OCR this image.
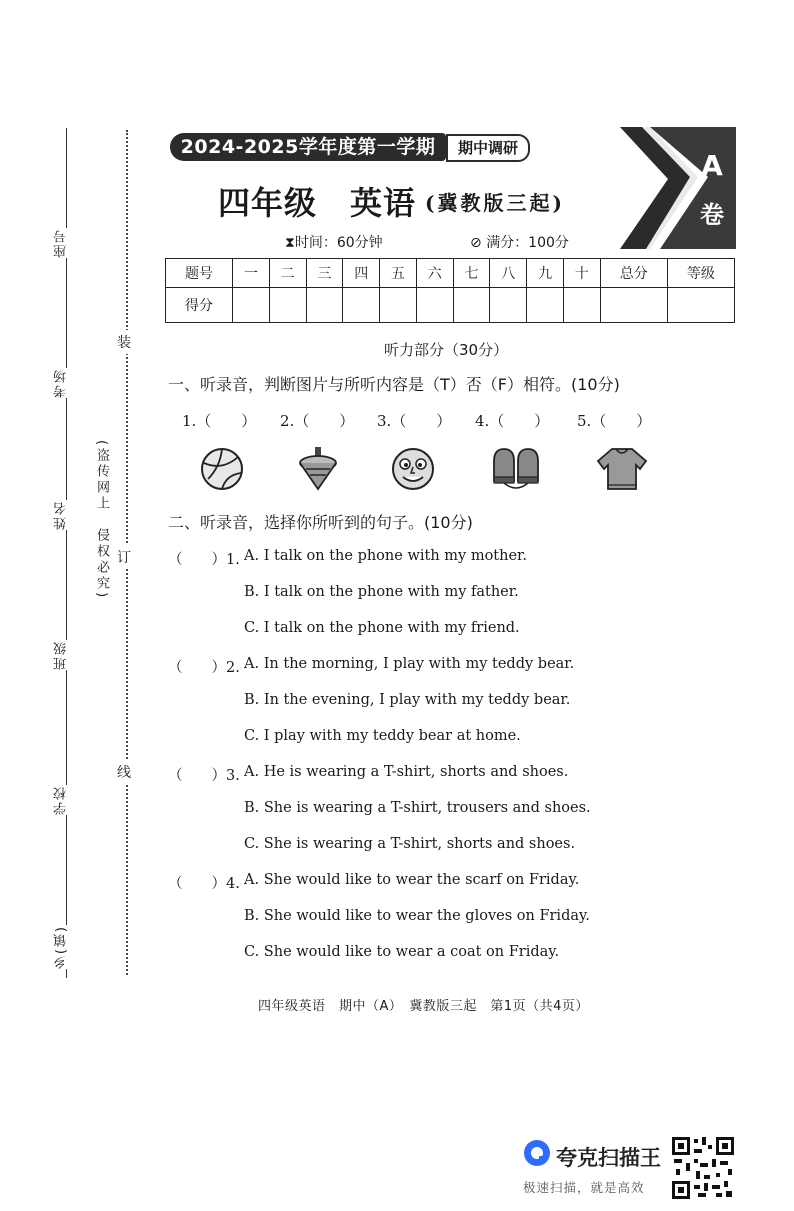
座号
考场
姓名
班级
学校
乡(镇)
装
订
线
(盗传网上　侵权必究)
2024-2025学年度第一学期	期中调研
四年级　英语 (冀教版三起)
⧗时间：60分钟	⊘ 满分：100分
A
卷
题号	一	二	三	四	五	六	七	八	九	十	总分	等级
得分												
听力部分（30分）
一、听录音，判断图片与所听内容是（T）否（F）相符。(10分)
1.（　　） 2.（　　） 3.（　　） 4.（　　） 5.（　　）
二、听录音，选择你所听到的句子。(10分)
（　　）1. A. I talk on the phone with my mother.
B. I talk on the phone with my father.
C. I talk on the phone with my friend.
（　　）2. A. In the morning, I play with my teddy bear.
B. In the evening, I play with my teddy bear.
C. I play with my teddy bear at home.
（　　）3. A. He is wearing a T-shirt, shorts and shoes.
B. She is wearing a T-shirt, trousers and shoes.
C. She is wearing a T-shirt, shorts and shoes.
（　　）4. A. She would like to wear the scarf on Friday.
B. She would like to wear the gloves on Friday.
C. She would like to wear a coat on Friday.
四年级英语　期中（A）　冀教版三起　第1页（共4页）
夸克扫描王
极速扫描，就是高效
